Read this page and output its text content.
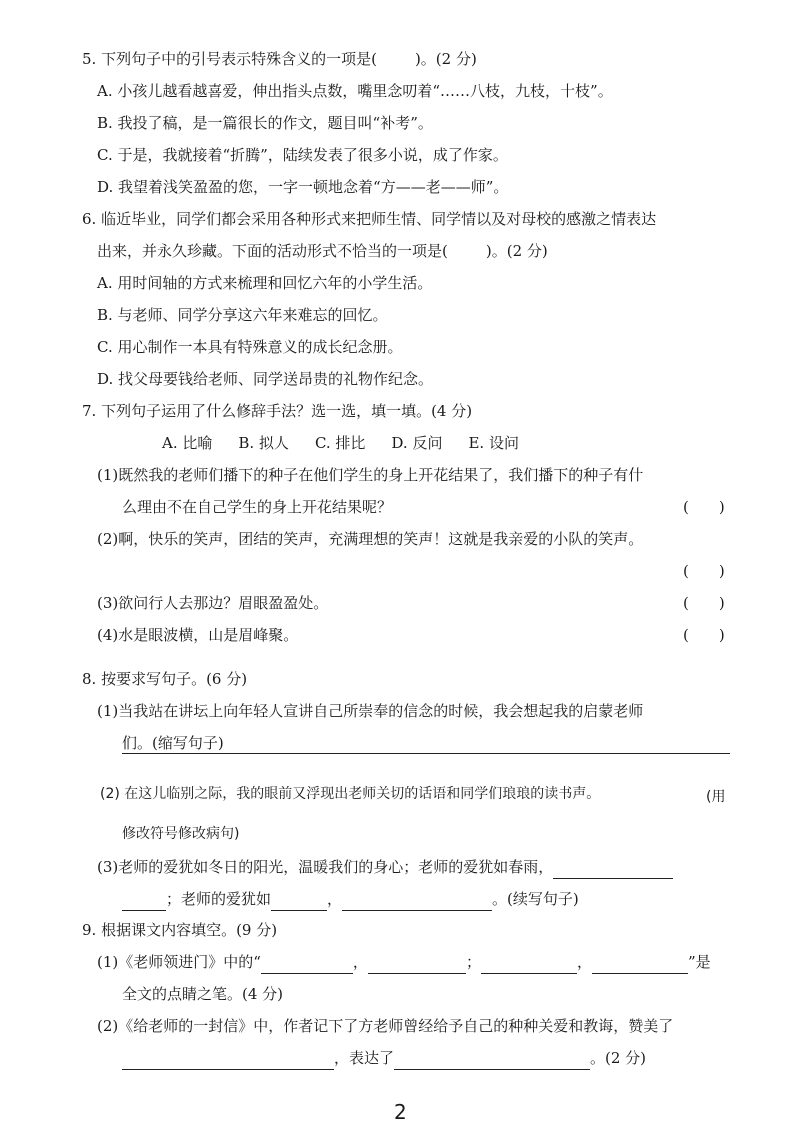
5. 下列句子中的引号表示特殊含义的一项是(	)。(2 分)
A. 小孩儿越看越喜爱，伸出指头点数，嘴里念叨着“……八枝，九枝，十枝”。
B. 我投了稿，是一篇很长的作文，题目叫“补考”。
C. 于是，我就接着“折腾”，陆续发表了很多小说，成了作家。
D. 我望着浅笑盈盈的您，一字一顿地念着“方——老——师”。
6. 临近毕业，同学们都会采用各种形式来把师生情、同学情以及对母校的感激之情表达
出来，并永久珍藏。下面的活动形式不恰当的一项是(	)。(2 分)
A. 用时间轴的方式来梳理和回忆六年的小学生活。
B. 与老师、同学分享这六年来难忘的回忆。
C. 用心制作一本具有特殊意义的成长纪念册。
D. 找父母要钱给老师、同学送昂贵的礼物作纪念。
7. 下列句子运用了什么修辞手法？选一选，填一填。(4 分)
A. 比喻 B. 拟人 C. 排比 D. 反问 E. 设问
(1)既然我的老师们播下的种子在他们学生的身上开花结果了，我们播下的种子有什
么理由不在自己学生的身上开花结果呢？	(　　)
(2)啊，快乐的笑声，团结的笑声，充满理想的笑声！这就是我亲爱的小队的笑声。
(　　)
(3)欲问行人去那边？眉眼盈盈处。	(　　)
(4)水是眼波横，山是眉峰聚。	(　　)
8. 按要求写句子。(6 分)
(1)当我站在讲坛上向年轻人宣讲自己所崇奉的信念的时候，我会想起我的启蒙老师
们。(缩写句子)
(2) 在这儿临别之际，我的眼前又浮现出老师关切的话语和同学们琅琅的读书声。	(用
修改符号修改病句)
(3)老师的爱犹如冬日的阳光，温暖我们的身心；老师的爱犹如春雨，
；老师的爱犹如	，	。(续写句子)
9. 根据课文内容填空。(9 分)
(1)《老师领进门》中的“	，	；	，	”是
全文的点睛之笔。(4 分)
(2)《给老师的一封信》中，作者记下了方老师曾经给予自己的种种关爱和教诲，赞美了
，表达了	。(2 分)
2
